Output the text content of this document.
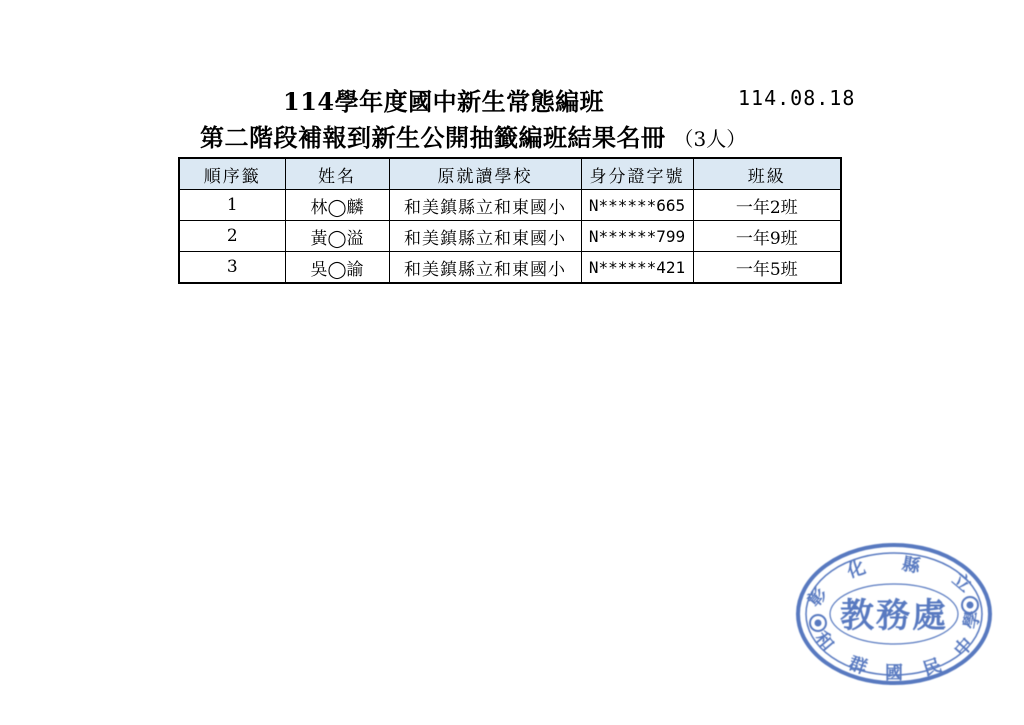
114學年度國中新生常態編班	114.08.18
第二階段補報到新生公開抽籤編班結果名冊 （3人）
順序籤	姓名	原就讀學校	身分證字號	班級
1	林◯麟	和美鎮縣立和東國小	N******665	一年2班
2	黃◯溢	和美鎮縣立和東國小	N******799	一年9班
3	吳◯諭	和美鎮縣立和東國小	N******421	一年5班
彰
化 縣
立
和
群 國 民
中
學
教務處
